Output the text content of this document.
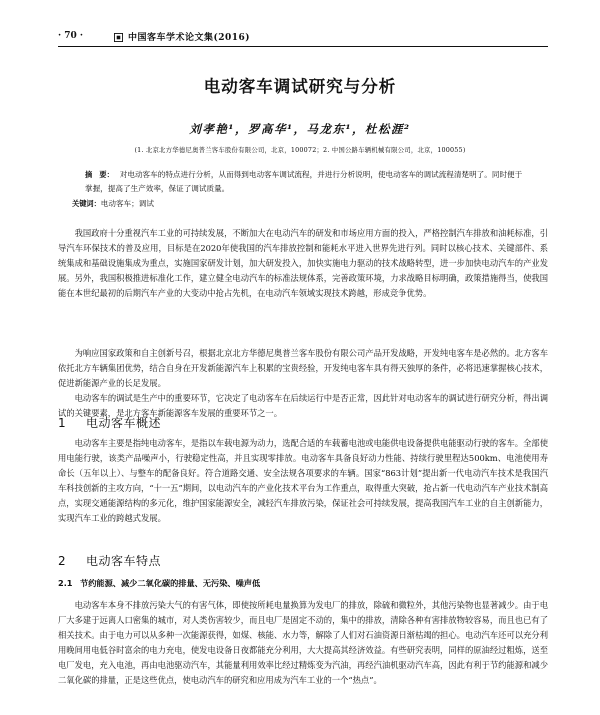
· 70 ·	中国客车学术论文集(2016)
电动客车调试研究与分析
刘孝艳¹，罗高华¹，马龙东¹，杜松涯²
(1. 北京北方华德尼奥普兰客车股份有限公司，北京，100072；2. 中国公路车辆机械有限公司，北京，100055)
摘　要： 对电动客车的特点进行分析，从而得到电动客车调试流程，并进行分析说明，使电动客车的调试流程清楚明了。同时便于掌握，提高了生产效率，保证了调试质量。
关键词：电动客车；调试

我国政府十分重视汽车工业的可持续发展，不断加大在电动汽车的研发和市场应用方面的投入，严格控制汽车排放和油耗标准，引导汽车环保技术的普及应用，目标是在2020年使我国的汽车排放控制和能耗水平进入世界先进行列。同时以核心技术、关键部件、系统集成和基础设施集成为重点，实施国家研发计划，加大研发投入，加快实施电力驱动的技术战略转型，进一步加快电动汽车的产业发展。另外，我国积极推进标准化工作，建立健全电动汽车的标准法规体系，完善政策环境，力求战略目标明确，政策措施得当，使我国能在本世纪最初的后期汽车产业的大变动中抢占先机，在电动汽车领域实现技术跨越，形成竞争优势。

为响应国家政策和自主创新号召，根据北京北方华德尼奥普兰客车股份有限公司产品开发战略，开发纯电客车是必然的。北方客车依托北方车辆集团优势，结合自身在开发新能源汽车上积累的宝贵经验，开发纯电客车具有得天独厚的条件，必将迅速掌握核心技术，促进新能源产业的长足发展。

电动客车的调试是生产中的重要环节，它决定了电动客车在后续运行中是否正常，因此针对电动客车的调试进行研究分析，得出调试的关键要素，是北方客车新能源客车发展的重要环节之一。

1 电动客车概述

电动客车主要是指纯电动客车，是指以车载电源为动力，选配合适的车载蓄电池或电能供电设备提供电能驱动行驶的客车。全部使用电能行驶，该类产品噪声小，行驶稳定性高，并且实现零排放。电动客车具备良好动力性能、持续行驶里程达500km、电池使用寿命长（五年以上）、与整车的配备良好。符合道路交通、安全法规各项要求的车辆。国家“863计划”提出新一代电动汽车技术是我国汽车科技创新的主攻方向，“十一五”期间，以电动汽车的产业化技术平台为工作重点，取得重大突破，抢占新一代电动汽车产业技术制高点，实现交通能源结构的多元化，维护国家能源安全，减轻汽车排放污染，保证社会可持续发展，提高我国汽车工业的自主创新能力，实现汽车工业的跨越式发展。

2 电动客车特点
2.1 节约能源、减少二氧化碳的排量、无污染、噪声低

电动客车本身不排放污染大气的有害气体，即使按所耗电量换算为发电厂的排放，除硫和微粒外，其他污染物也显著减少。由于电厂大多建于远离人口密集的城市，对人类伤害较少，而且电厂是固定不动的，集中的排放，清除各种有害排放物较容易，而且也已有了相关技术。由于电力可以从多种一次能源获得，如煤、核能、水力等，解除了人们对石油资源日渐枯竭的担心。电动汽车还可以充分利用晚间用电低谷时富余的电力充电，使发电设备日夜都能充分利用，大大提高其经济效益。有些研究表明，同样的原油经过粗炼，送至电厂发电，充入电池，再由电池驱动汽车，其能量利用效率比经过精炼变为汽油，再经汽油机驱动汽车高，因此有利于节约能源和减少二氧化碳的排量，正是这些优点，使电动汽车的研究和应用成为汽车工业的一个“热点”。
